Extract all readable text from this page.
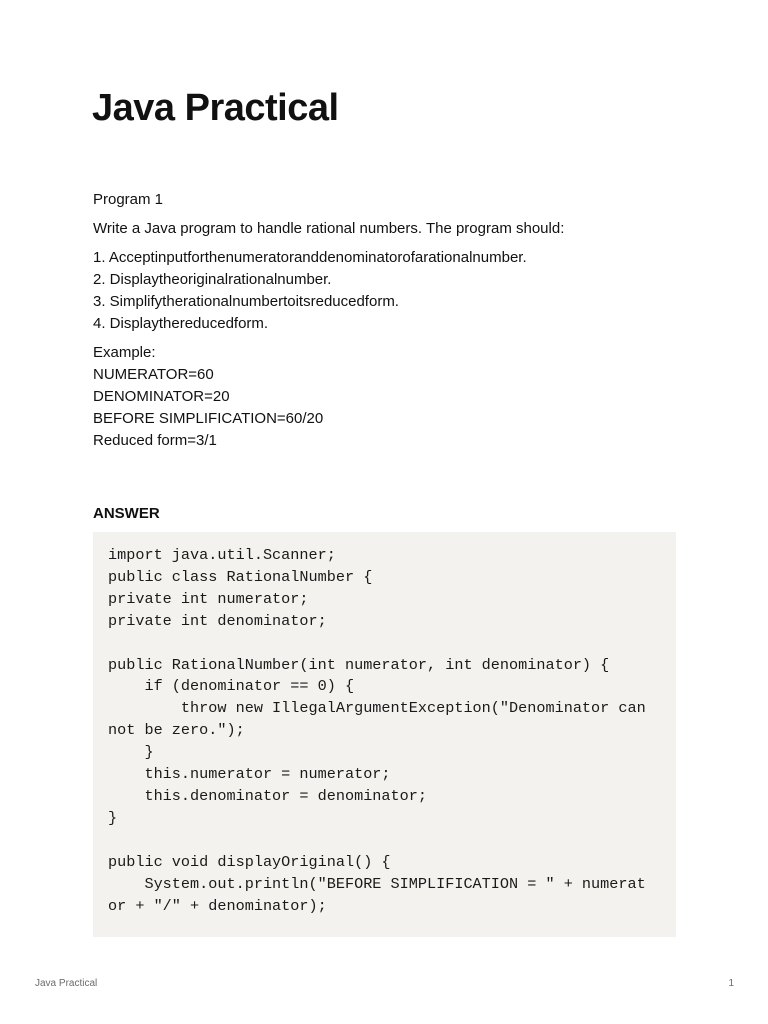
Java Practical

Program 1

Write a Java program to handle rational numbers. The program should:

1. Acceptinputforthenumeratoranddenominatorofarationalnumber.
2. Displaytheoriginalrationalnumber.
3. Simplifytherationalnumbertoitsreducedform.
4. Displaythereducedform.
Example:
NUMERATOR=60
DENOMINATOR=20
BEFORE SIMPLIFICATION=60/20
Reduced form=3/1
ANSWER
import java.util.Scanner;
public class RationalNumber {
private int numerator;
private int denominator;

public RationalNumber(int numerator, int denominator) {
if (denominator == 0) {
throw new IllegalArgumentException("Denominator can
not be zero.");
}
this.numerator = numerator;
this.denominator = denominator;
}

public void displayOriginal() {
System.out.println("BEFORE SIMPLIFICATION = " + numerat
or + "/" + denominator);
Java Practical	1
